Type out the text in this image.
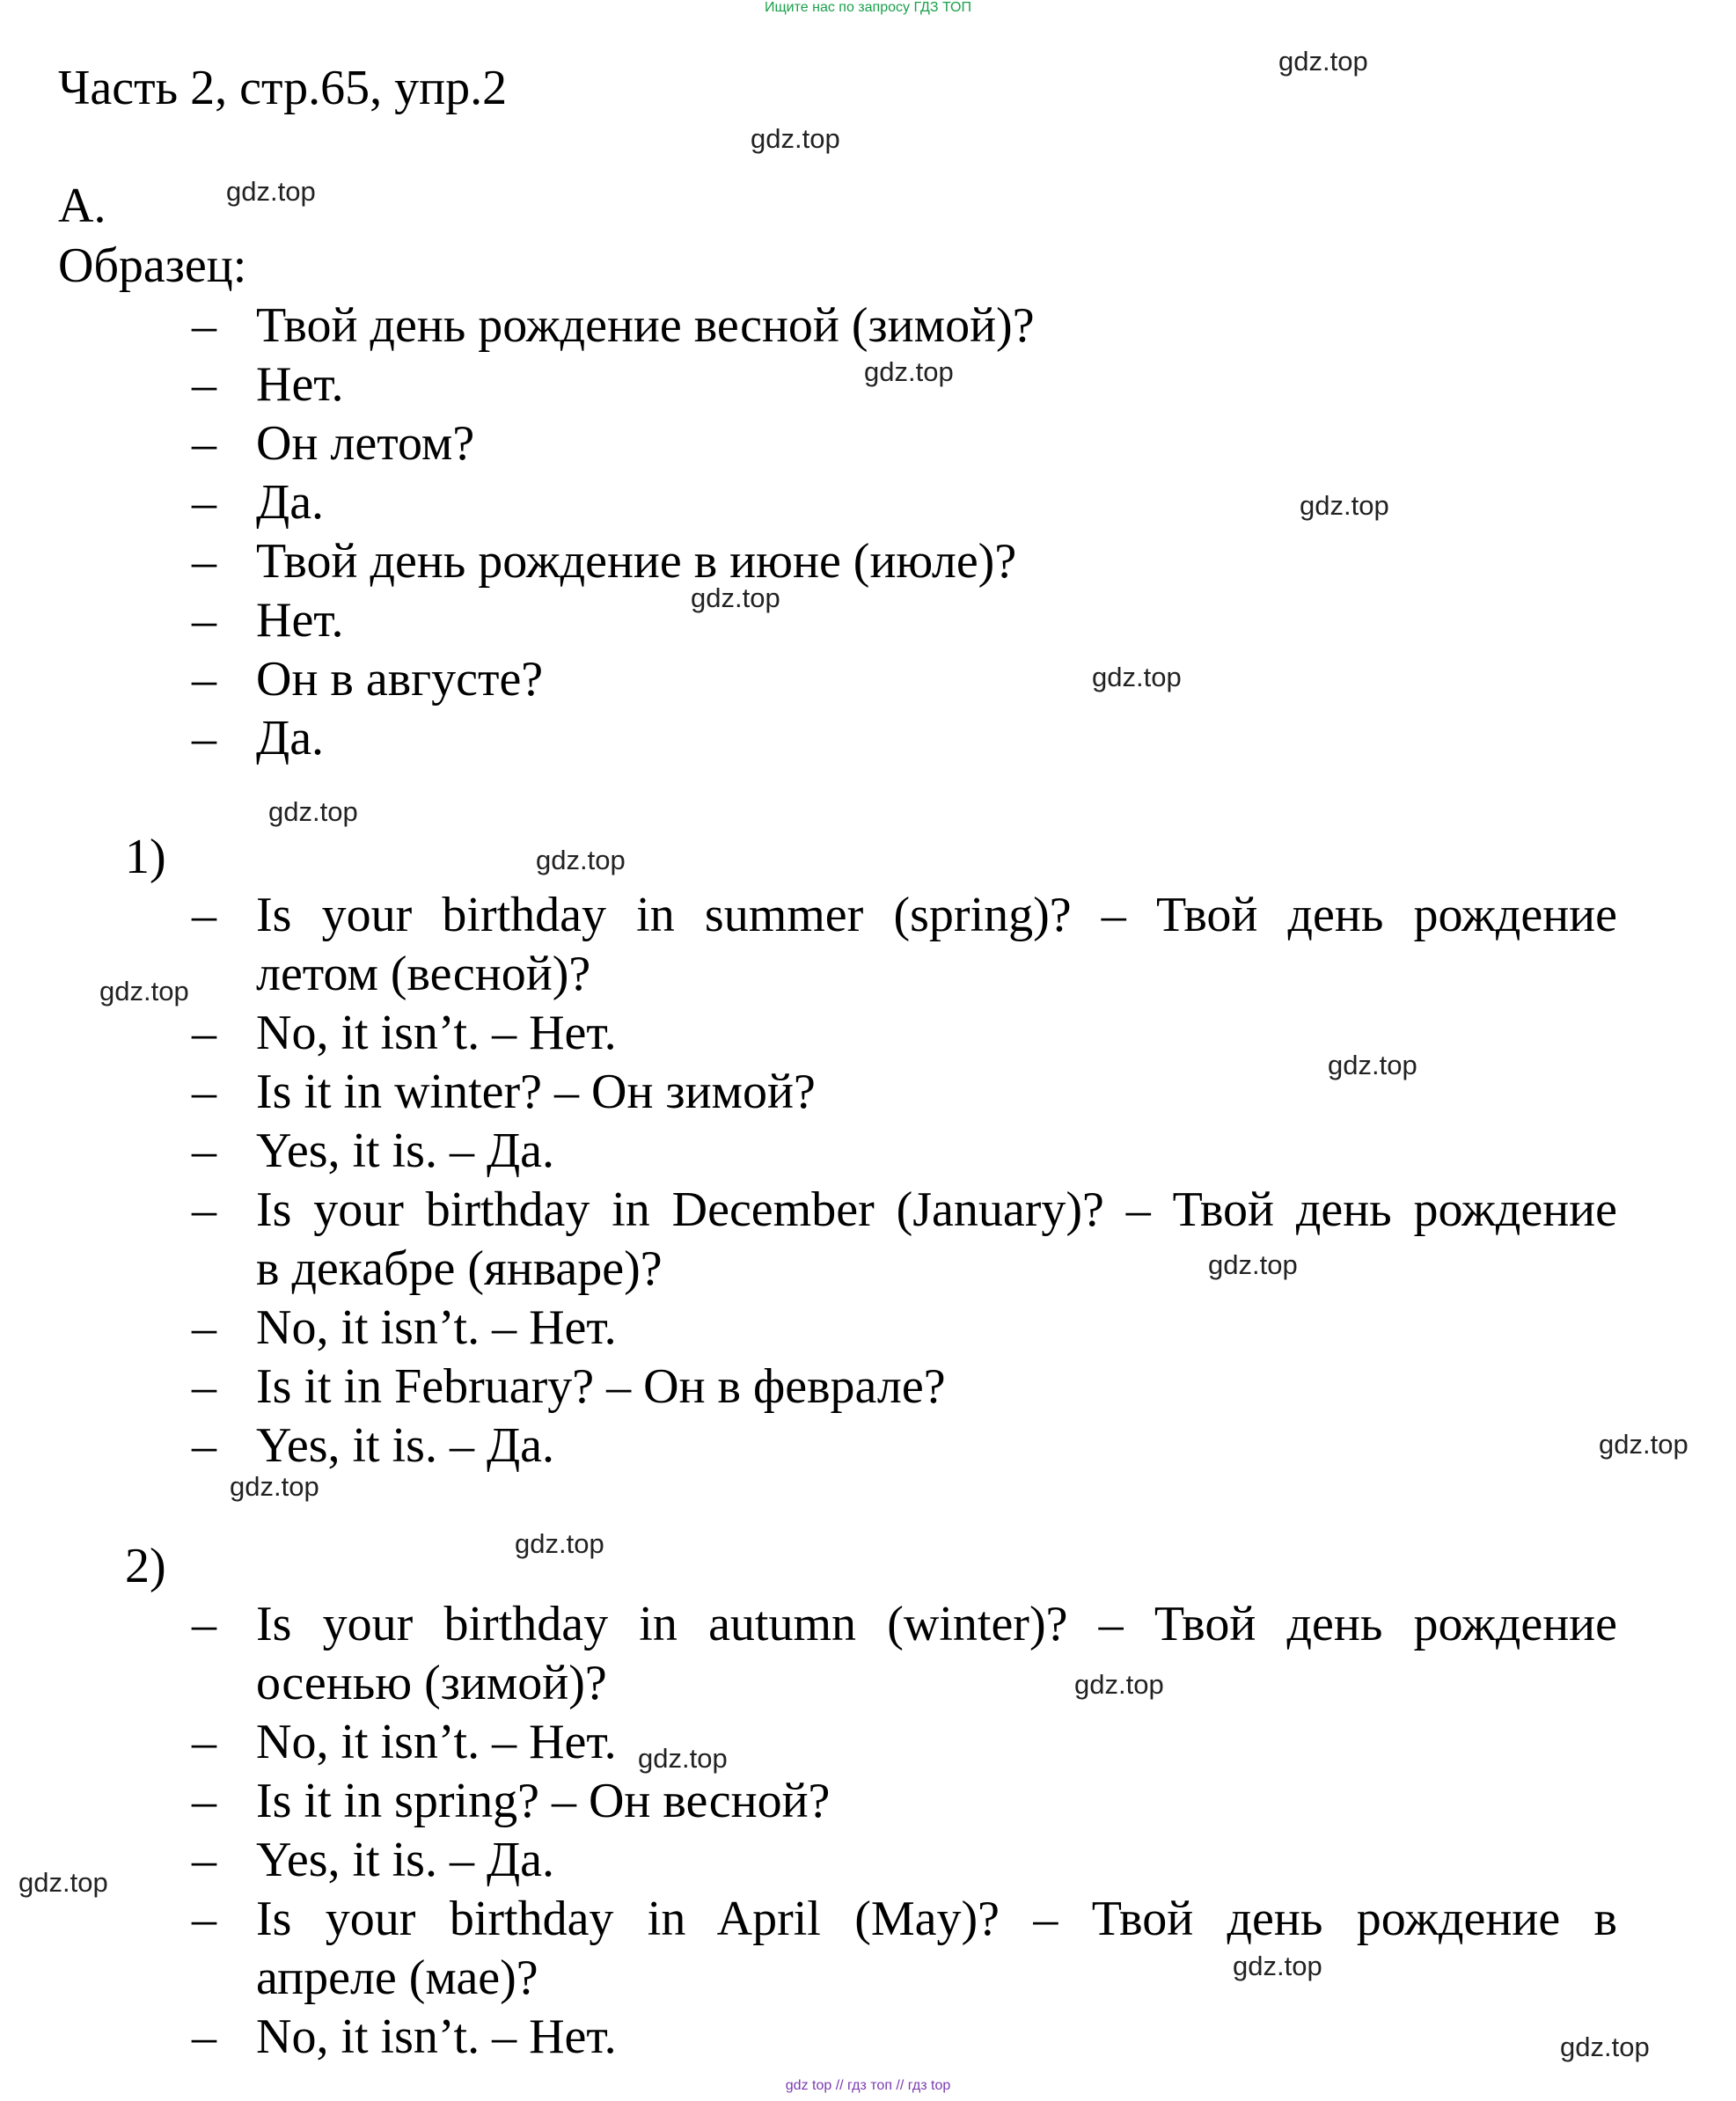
Ищите нас по запросу ГДЗ ТОП
Часть 2, стр.65, упр.2
А.
Образец:
– Твой день рождение весной (зимой)?
– Нет.
– Он летом?
– Да.
– Твой день рождение в июне (июле)?
– Нет.
– Он в августе?
– Да.
1)
– Is your birthday in summer (spring)? – Твой день рождение
летом (весной)?
– No, it isn’t. – Нет.
– Is it in winter? – Он зимой?
– Yes, it is. – Да.
– Is your birthday in December (January)? – Твой день рождение
в декабре (январе)?
– No, it isn’t. – Нет.
– Is it in February? – Он в феврале?
– Yes, it is. – Да.
2)
– Is your birthday in autumn (winter)? – Твой день рождение
осенью (зимой)?
– No, it isn’t. – Нет.
– Is it in spring? – Он весной?
– Yes, it is. – Да.
– Is your birthday in April (May)? – Твой день рождение в
апреле (мае)?
– No, it isn’t. – Нет.
gdz.top
gdz.top
gdz.top
gdz.top
gdz.top
gdz.top
gdz.top
gdz.top
gdz.top
gdz.top
gdz.top
gdz.top
gdz.top
gdz.top
gdz.top
gdz.top
gdz.top
gdz.top
gdz.top
gdz.top
gdz top // гдз топ // гдз top
